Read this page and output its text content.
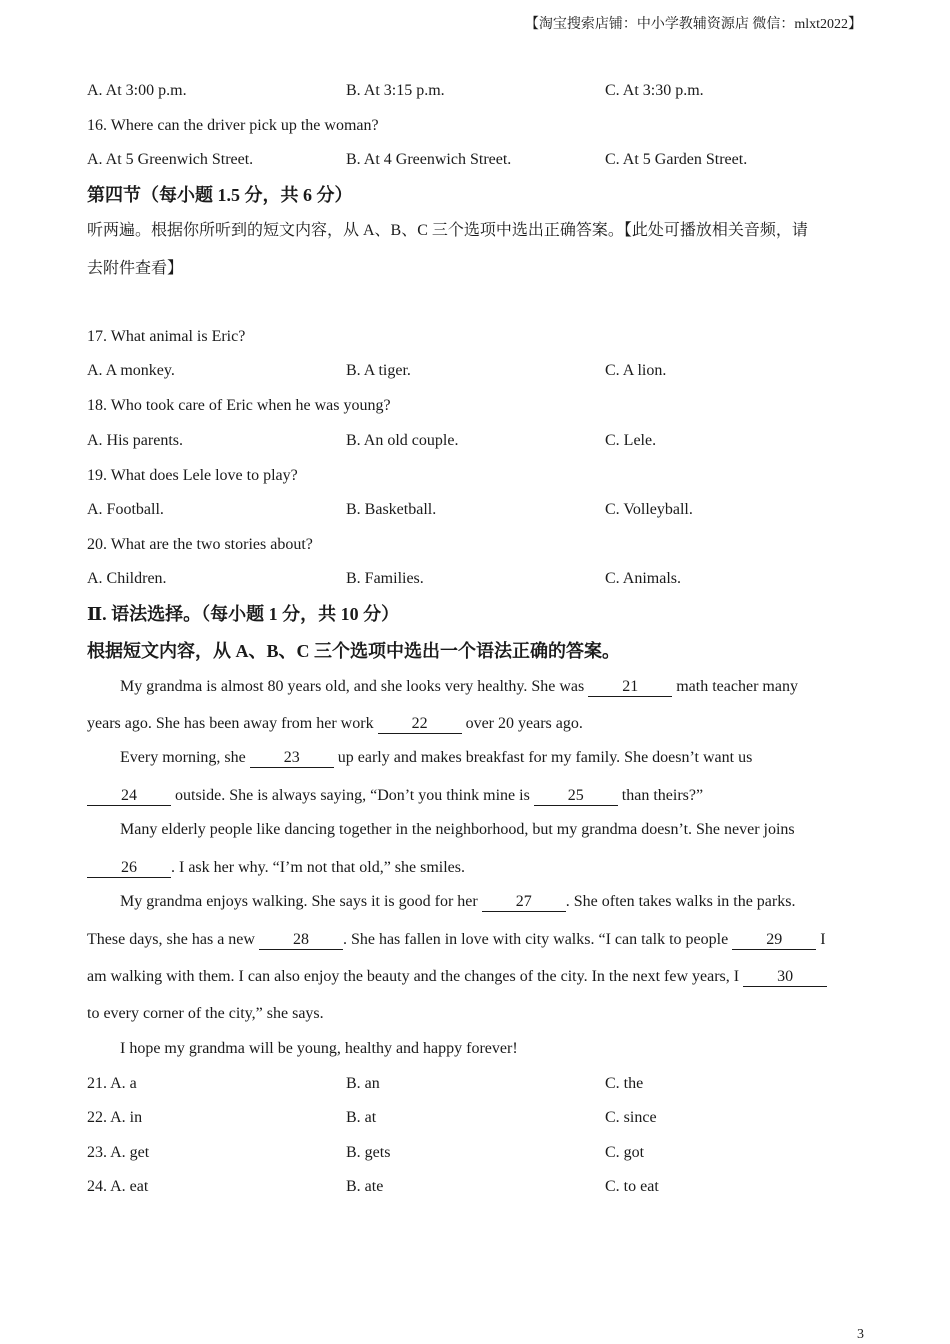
【淘宝搜索店铺：中小学教辅资源店 微信：mlxt2022】
A. At 3:00 p.m.	B. At 3:15 p.m.	C. At 3:30 p.m.
16. Where can the driver pick up the woman?
A. At 5 Greenwich Street.	B. At 4 Greenwich Street.	C. At 5 Garden Street.
第四节（每小题 1.5 分，共 6 分）
听两遍。根据你所听到的短文内容，从 A、B、C 三个选项中选出正确答案。【此处可播放相关音频，请
去附件查看】
17. What animal is Eric?
A. A monkey.	B. A tiger.	C. A lion.
18. Who took care of Eric when he was young?
A. His parents.	B. An old couple.	C. Lele.
19. What does Lele love to play?
A. Football.	B. Basketball.	C. Volleyball.
20. What are the two stories about?
A. Children.	B. Families.	C. Animals.
Ⅱ. 语法选择。（每小题 1 分，共 10 分）
根据短文内容，从 A、B、C 三个选项中选出一个语法正确的答案。
My grandma is almost 80 years old, and she looks very healthy. She was 21 math teacher many
years ago. She has been away from her work 22 over 20 years ago.
Every morning, she 23 up early and makes breakfast for my family. She doesn’t want us
24 outside. She is always saying, “Don’t you think mine is 25 than theirs?”
Many elderly people like dancing together in the neighborhood, but my grandma doesn’t. She never joins
26 . I ask her why. “I’m not that old,” she smiles.
My grandma enjoys walking. She says it is good for her 27 . She often takes walks in the parks.
These days, she has a new 28 . She has fallen in love with city walks. “I can talk to people 29 I
am walking with them. I can also enjoy the beauty and the changes of the city. In the next few years, I 30
to every corner of the city,” she says.
I hope my grandma will be young, healthy and happy forever!
21. A. a	B. an	C. the
22. A. in	B. at	C. since
23. A. get	B. gets	C. got
24. A. eat	B. ate	C. to eat
3
